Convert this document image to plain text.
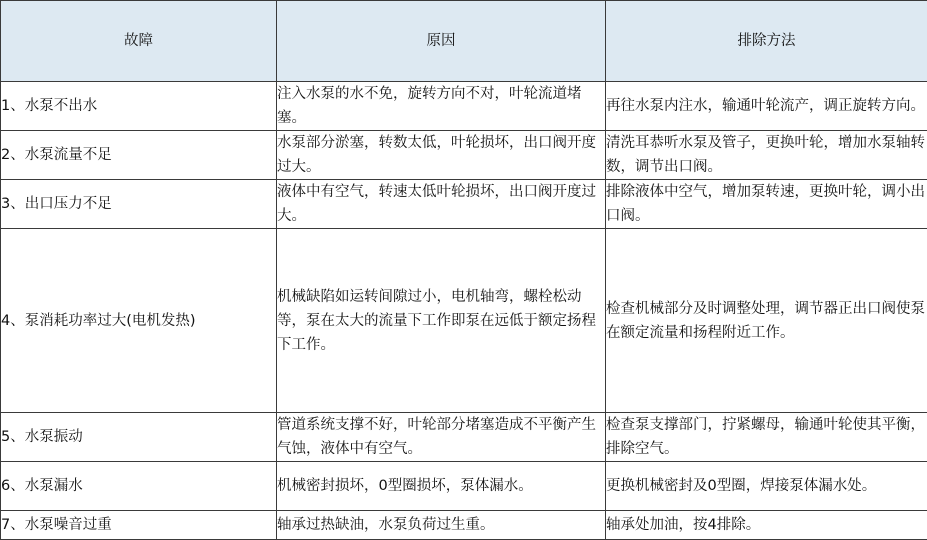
故障	原因	排除方法
1、水泵不出水	注入水泵的水不免，旋转方向不对，叶轮流道堵塞。	再往水泵内注水，输通叶轮流产，调正旋转方向。
2、水泵流量不足	水泵部分淤塞，转数太低，叶轮损坏，出口阀开度过大。	清洗耳恭听水泵及管子，更换叶轮，增加水泵轴转数，调节出口阀。
3、出口压力不足	液体中有空气，转速太低叶轮损坏，出口阀开度过大。	排除液体中空气，增加泵转速，更换叶轮，调小出口阀。
4、泵消耗功率过大(电机发热)	机械缺陷如运转间隙过小，电机轴弯，螺栓松动等，泵在太大的流量下工作即泵在远低于额定扬程下工作。	检查机械部分及时调整处理，调节器正出口阀使泵在额定流量和扬程附近工作。
5、水泵振动	管道系统支撑不好，叶轮部分堵塞造成不平衡产生气蚀，液体中有空气。	检查泵支撑部门，拧紧螺母，输通叶轮使其平衡，排除空气。
6、水泵漏水	机械密封损坏，0型圈损坏，泵体漏水。	更换机械密封及0型圈，焊接泵体漏水处。
7、水泵噪音过重	轴承过热缺油，水泵负荷过生重。	轴承处加油，按4排除。
